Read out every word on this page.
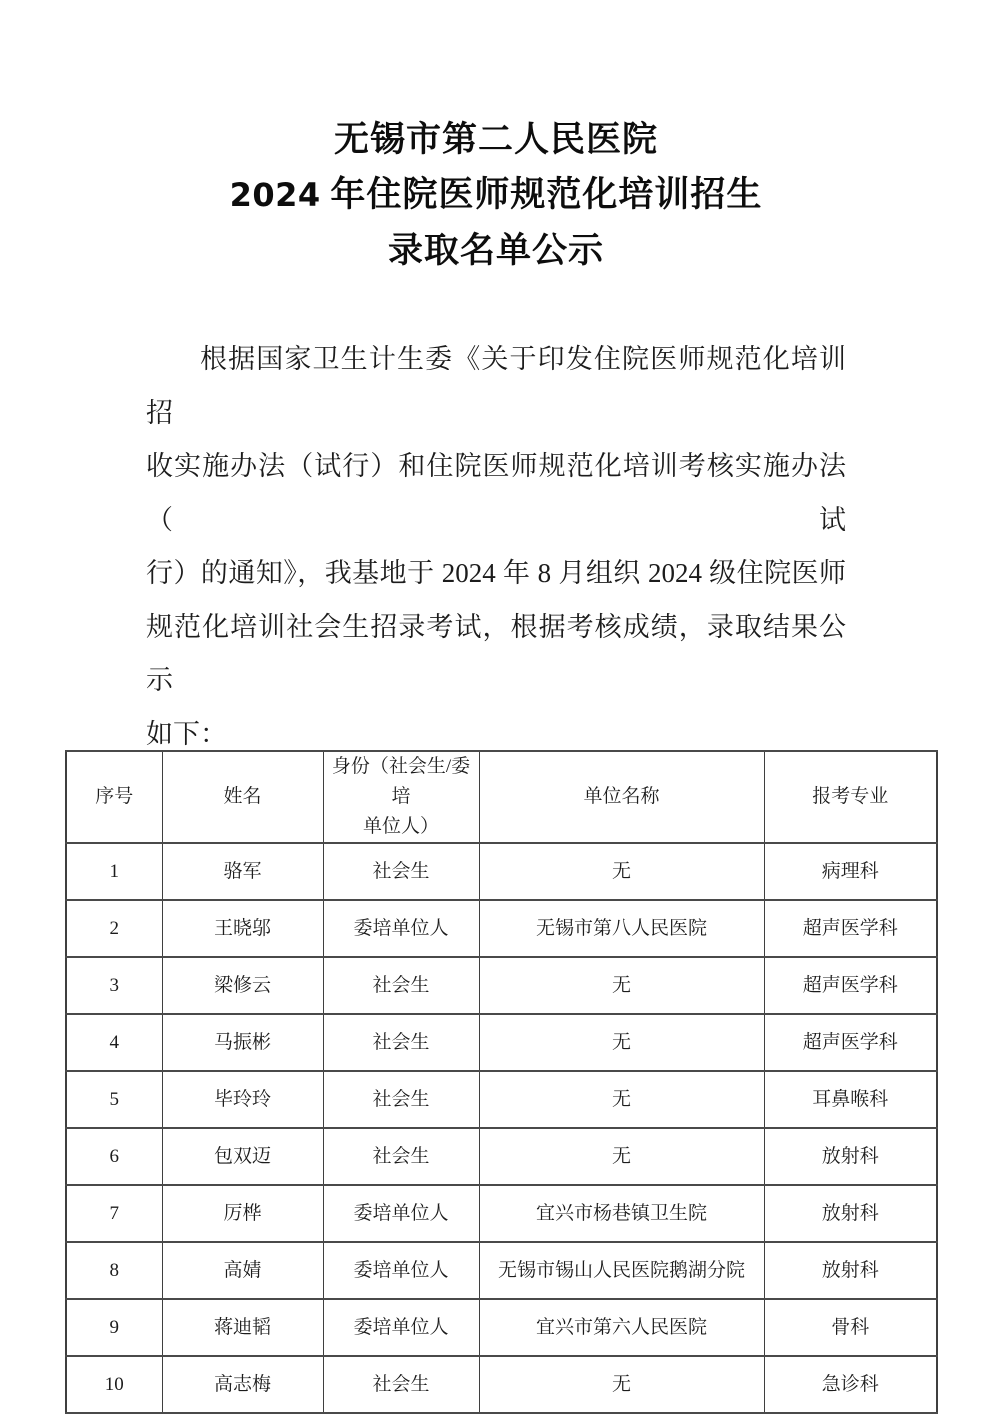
无锡市第二人民医院
2024 年住院医师规范化培训招生
录取名单公示
根据国家卫生计生委《关于印发住院医师规范化培训招
收实施办法（试行）和住院医师规范化培训考核实施办法（试
行）的通知》，我基地于 2024 年 8 月组织 2024 级住院医师
规范化培训社会生招录考试，根据考核成绩，录取结果公示
如下：
序号	姓名	身份（社会生/委培
单位人）	单位名称	报考专业
1	骆军	社会生	无	病理科
2	王晓邬	委培单位人	无锡市第八人民医院	超声医学科
3	梁修云	社会生	无	超声医学科
4	马振彬	社会生	无	超声医学科
5	毕玲玲	社会生	无	耳鼻喉科
6	包双迈	社会生	无	放射科
7	厉桦	委培单位人	宜兴市杨巷镇卫生院	放射科
8	高婧	委培单位人	无锡市锡山人民医院鹅湖分院	放射科
9	蒋迪韬	委培单位人	宜兴市第六人民医院	骨科
10	高志梅	社会生	无	急诊科
